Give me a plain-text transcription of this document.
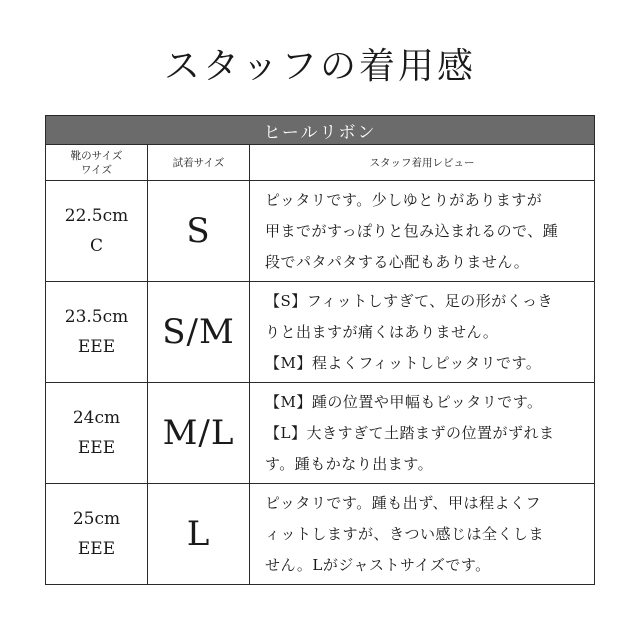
スタッフの着用感
ヒールリボン		
靴のサイズ
ワイズ	試着サイズ	スタッフ着用レビュー

22.5cm
C	S	ピッタリです。少しゆとりがありますが
甲までがすっぽりと包み込まれるので、踵
段でパタパタする心配もありません。

23.5cm
EEE	S/M	【S】フィットしすぎて、足の形がくっき
りと出ますが痛くはありません。
【M】程よくフィットしピッタリです。

24cm
EEE	M/L	【M】踵の位置や甲幅もピッタリです。
【L】大きすぎて土踏まずの位置がずれま
す。踵もかなり出ます。

25cm
EEE	L	ピッタリです。踵も出ず、甲は程よくフ
ィットしますが、きつい感じは全くしま
せん。Lがジャストサイズです。
